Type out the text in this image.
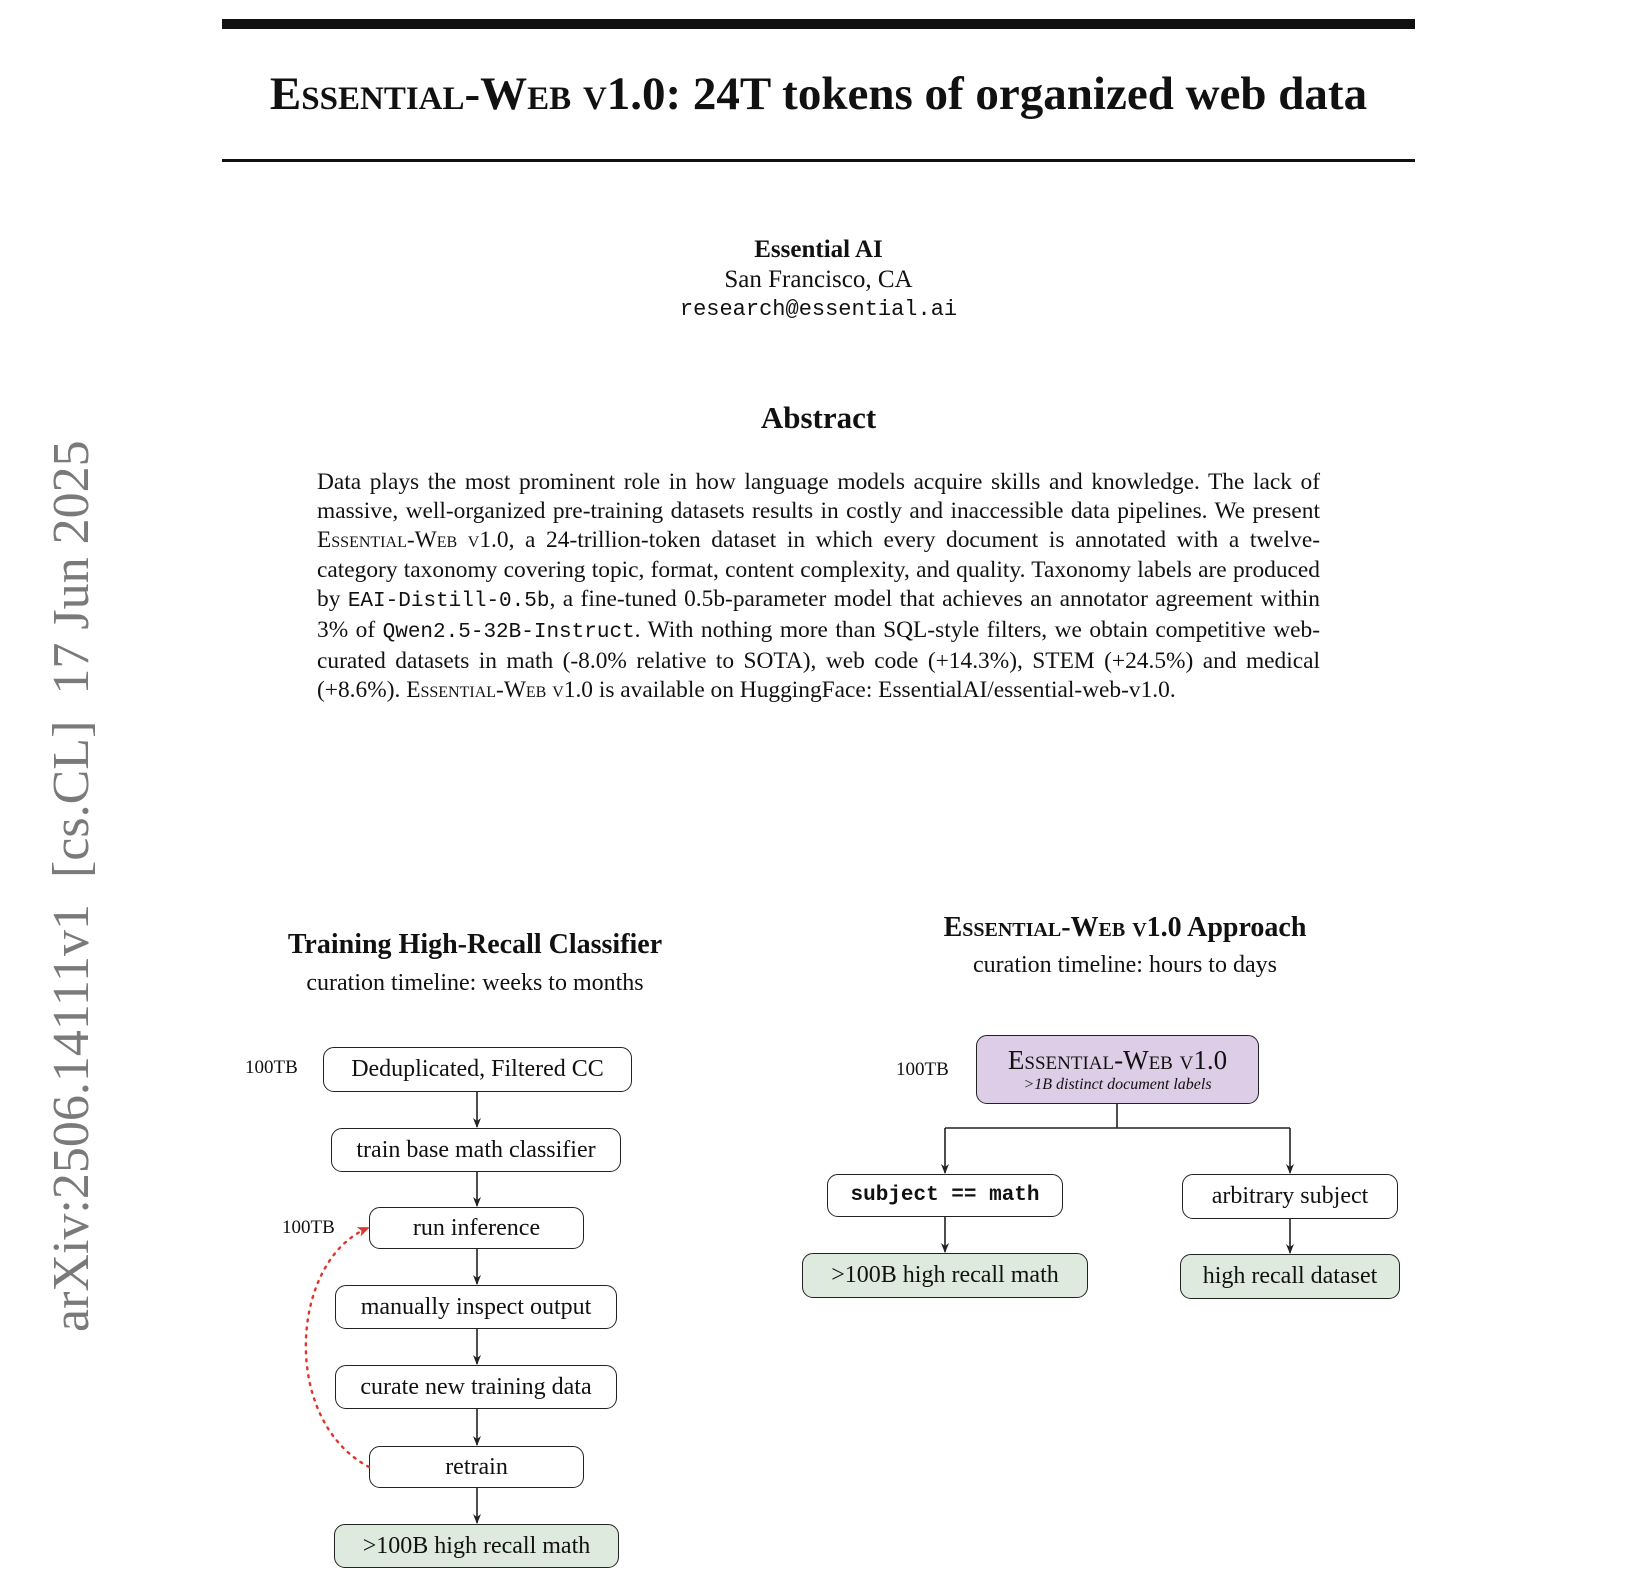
Essential-Web v1.0: 24T tokens of organized web data
Essential AI
San Francisco, CA
research@essential.ai
arXiv:2506.14111v1  [cs.CL]  17 Jun 2025
Abstract
Data plays the most prominent role in how language models acquire skills and knowledge. The lack of massive, well-organized pre-training datasets results in costly and inaccessible data pipelines. We present Essential-Web v1.0, a 24-trillion-token dataset in which every document is annotated with a twelve-category taxonomy covering topic, format, content complexity, and quality. Taxonomy labels are produced by EAI-Distill-0.5b, a fine-tuned 0.5b-parameter model that achieves an annotator agreement within 3% of Qwen2.5-32B-Instruct. With nothing more than SQL-style filters, we obtain competitive web-curated datasets in math (-8.0% relative to SOTA), web code (+14.3%), STEM (+24.5%) and medical (+8.6%). Essential-Web v1.0 is available on HuggingFace: EssentialAI/essential-web-v1.0.
Training High-Recall Classifier
curation timeline: weeks to months
100TB
100TB
Deduplicated, Filtered CC
train base math classifier
run inference
manually inspect output
curate new training data
retrain
>100B high recall math
Essential-Web v1.0 Approach
curation timeline: hours to days
100TB Essential-Web v1.0
>1B distinct document labels
subject == math	arbitrary subject
>100B high recall math	high recall dataset
